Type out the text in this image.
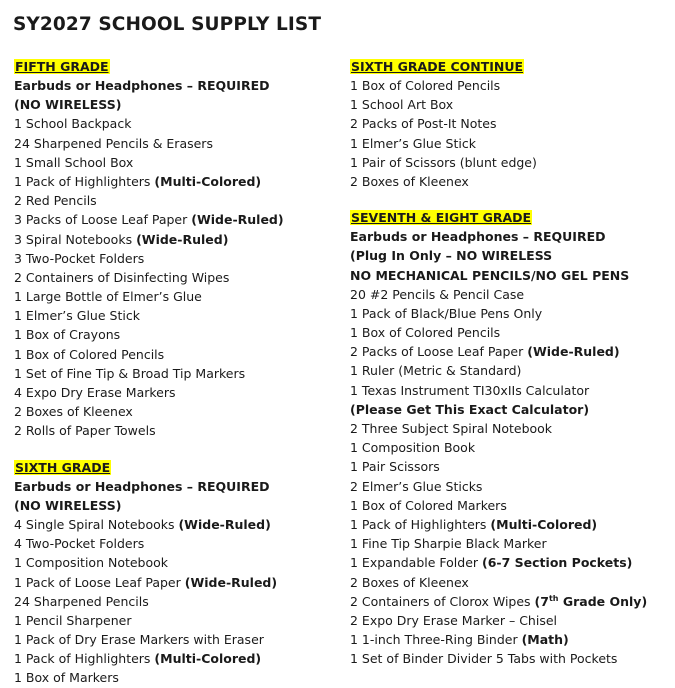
SY2027 SCHOOL SUPPLY LIST
FIFTH GRADE
Earbuds or Headphones – REQUIRED
(NO WIRELESS)
1 School Backpack
24 Sharpened Pencils & Erasers
1 Small School Box
1 Pack of Highlighters (Multi-Colored)
2 Red Pencils
3 Packs of Loose Leaf Paper (Wide-Ruled)
3 Spiral Notebooks (Wide-Ruled)
3 Two-Pocket Folders
2 Containers of Disinfecting Wipes
1 Large Bottle of Elmer’s Glue
1 Elmer’s Glue Stick
1 Box of Crayons
1 Box of Colored Pencils
1 Set of Fine Tip & Broad Tip Markers
4 Expo Dry Erase Markers
2 Boxes of Kleenex
2 Rolls of Paper Towels
SIXTH GRADE
Earbuds or Headphones – REQUIRED
(NO WIRELESS)
4 Single Spiral Notebooks (Wide-Ruled)
4 Two-Pocket Folders
1 Composition Notebook
1 Pack of Loose Leaf Paper (Wide-Ruled)
24 Sharpened Pencils
1 Pencil Sharpener
1 Pack of Dry Erase Markers with Eraser
1 Pack of Highlighters (Multi-Colored)
1 Box of Markers
SIXTH GRADE CONTINUE
1 Box of Colored Pencils
1 School Art Box
2 Packs of Post-It Notes
1 Elmer’s Glue Stick
1 Pair of Scissors (blunt edge)
2 Boxes of Kleenex
SEVENTH & EIGHT GRADE
Earbuds or Headphones – REQUIRED
(Plug In Only – NO WIRELESS
NO MECHANICAL PENCILS/NO GEL PENS
20 #2 Pencils & Pencil Case
1 Pack of Black/Blue Pens Only
1 Box of Colored Pencils
2 Packs of Loose Leaf Paper (Wide-Ruled)
1 Ruler (Metric & Standard)
1 Texas Instrument TI30xIIs Calculator
(Please Get This Exact Calculator)
2 Three Subject Spiral Notebook
1 Composition Book
1 Pair Scissors
2 Elmer’s Glue Sticks
1 Box of Colored Markers
1 Pack of Highlighters (Multi-Colored)
1 Fine Tip Sharpie Black Marker
1 Expandable Folder (6-7 Section Pockets)
2 Boxes of Kleenex
2 Containers of Clorox Wipes (7th Grade Only)
2 Expo Dry Erase Marker – Chisel
1 1-inch Three-Ring Binder (Math)
1 Set of Binder Divider 5 Tabs with Pockets
